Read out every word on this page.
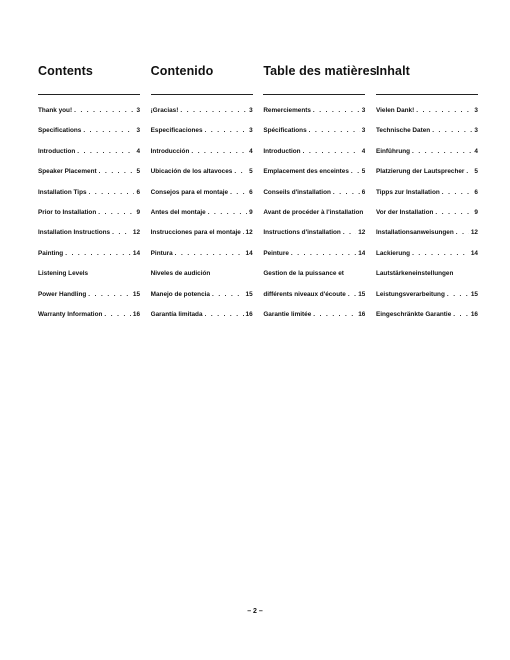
Contents
Thank you! . . .	3
Specifications . . .	3
Introduction . . .	4
Speaker Placement . . .	5
Installation Tips . . .	6
Prior to Installation . . .	9
Installation Instructions . . .	12
Painting . . .	14
Listening Levels
Power Handling . . .	15
Warranty Information . . .	16
Contenido
¡Gracias! . . .	3
Especificaciones . . .	3
Introducción . . .	4
Ubicación de los altavoces . . .	5
Consejos para el montaje . . .	6
Antes del montaje . . .	9
Instrucciones para el montaje . . . 12
Pintura . . .	14
Niveles de audición
Manejo de potencia . . .	15
Garantía limitada . . .	16
Table des matières
Remerciements . . .	3
Spécifications . . .	3
Introduction . . .	4
Emplacement des enceintes . . . 5
Conseils d'installation . . .	6
Avant de procéder à l'installation
Instructions d'installation . . .	12
Peinture . . .	14
Gestion de la puissance et
différents niveaux d'écoute . . . 15
Garantie limitée . . .	16
Inhalt
Vielen Dank! . . .	3
Technische Daten . . .	3
Einführung . . .	4
Platzierung der Lautsprecher . . . 5
Tipps zur Installation . . .	6
Vor der Installation . . .	9
Installationsanweisungen . . .	12
Lackierung . . .	14
Lautstärkeneinstellungen
Leistungsverarbeitung . . .	15
Eingeschränkte Garantie . . .	16
– 2 –
